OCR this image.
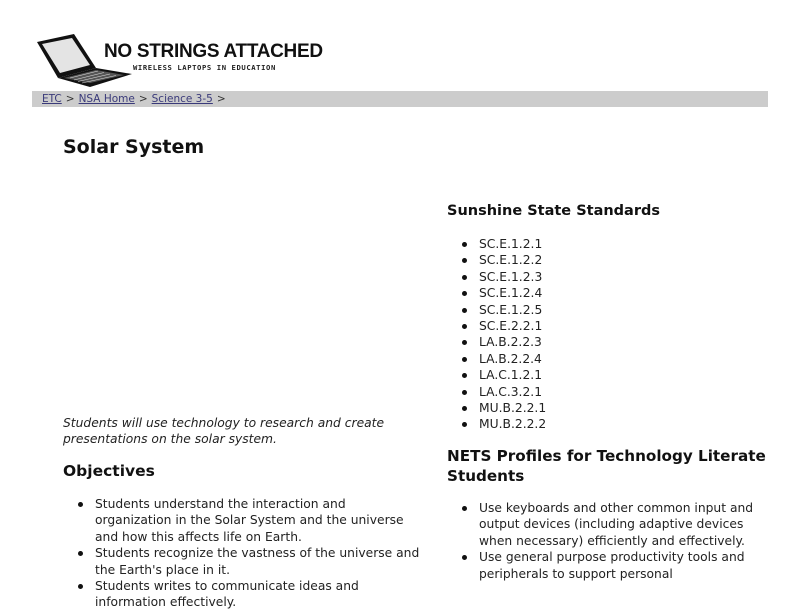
NO STRINGS ATTACHED
WIRELESS LAPTOPS IN EDUCATION
ETC > NSA Home > Science 3-5 >
Solar System

Students will use technology to research and create presentations on the solar system.

Objectives
Students understand the interaction and organization in the Solar System and the universe and how this affects life on Earth.
Students recognize the vastness of the universe and the Earth's place in it.
Students writes to communicate ideas and information effectively.
Sunshine State Standards
SC.E.1.2.1
SC.E.1.2.2
SC.E.1.2.3
SC.E.1.2.4
SC.E.1.2.5
SC.E.2.2.1
LA.B.2.2.3
LA.B.2.2.4
LA.C.1.2.1
LA.C.3.2.1
MU.B.2.2.1
MU.B.2.2.2
NETS Profiles for Technology Literate Students
Use keyboards and other common input and output devices (including adaptive devices when necessary) efficiently and effectively.
Use general purpose productivity tools and peripherals to support personal
